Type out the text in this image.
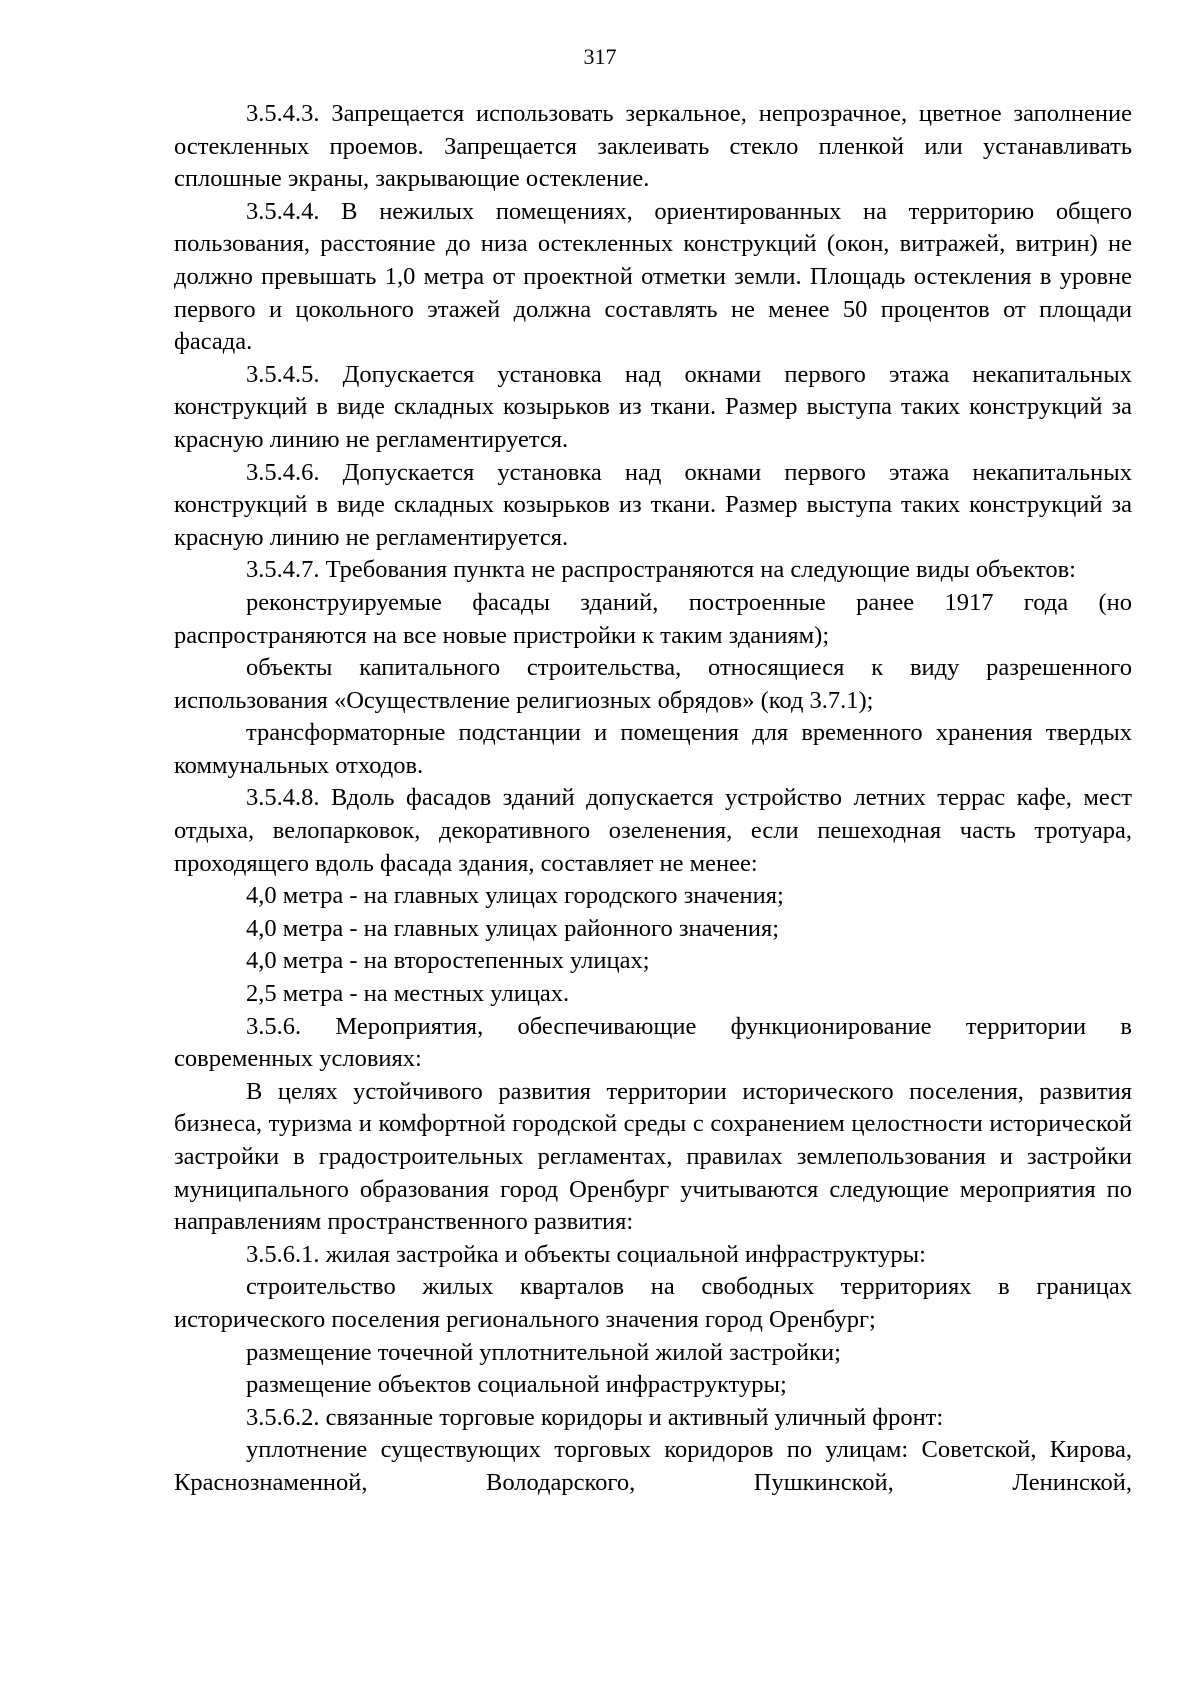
317

3.5.4.3. Запрещается использовать зеркальное, непрозрачное, цветное заполнение остекленных проемов. Запрещается заклеивать стекло пленкой или устанавливать сплошные экраны, закрывающие остекление.

3.5.4.4. В нежилых помещениях, ориентированных на территорию общего пользования, расстояние до низа остекленных конструкций (окон, витражей, витрин) не должно превышать 1,0 метра от проектной отметки земли. Площадь остекления в уровне первого и цокольного этажей должна составлять не менее 50 процентов от площади фасада.

3.5.4.5. Допускается установка над окнами первого этажа некапитальных конструкций в виде складных козырьков из ткани. Размер выступа таких конструкций за красную линию не регламентируется.

3.5.4.6. Допускается установка над окнами первого этажа некапитальных конструкций в виде складных козырьков из ткани. Размер выступа таких конструкций за красную линию не регламентируется.

3.5.4.7. Требования пункта не распространяются на следующие виды объектов:

реконструируемые фасады зданий, построенные ранее 1917 года (но распространяются на все новые пристройки к таким зданиям);

объекты капитального строительства, относящиеся к виду разрешенного использования «Осуществление религиозных обрядов» (код 3.7.1);

трансформаторные подстанции и помещения для временного хранения твердых коммунальных отходов.

3.5.4.8. Вдоль фасадов зданий допускается устройство летних террас кафе, мест отдыха, велопарковок, декоративного озеленения, если пешеходная часть тротуара, проходящего вдоль фасада здания, составляет не менее:

4,0 метра - на главных улицах городского значения;

4,0 метра - на главных улицах районного значения;

4,0 метра - на второстепенных улицах;

2,5 метра - на местных улицах.

3.5.6. Мероприятия, обеспечивающие функционирование территории в современных условиях:

В целях устойчивого развития территории исторического поселения, развития бизнеса, туризма и комфортной городской среды с сохранением целостности исторической застройки в градостроительных регламентах, правилах землепользования и застройки муниципального образования город Оренбург учитываются следующие мероприятия по направлениям пространственного развития:

3.5.6.1. жилая застройка и объекты социальной инфраструктуры:

строительство жилых кварталов на свободных территориях в границах исторического поселения регионального значения город Оренбург;

размещение точечной уплотнительной жилой застройки;

размещение объектов социальной инфраструктуры;

3.5.6.2. связанные торговые коридоры и активный уличный фронт:

уплотнение существующих торговых коридоров по улицам: Советской, Кирова, Краснознаменной, Володарского, Пушкинской, Ленинской,
